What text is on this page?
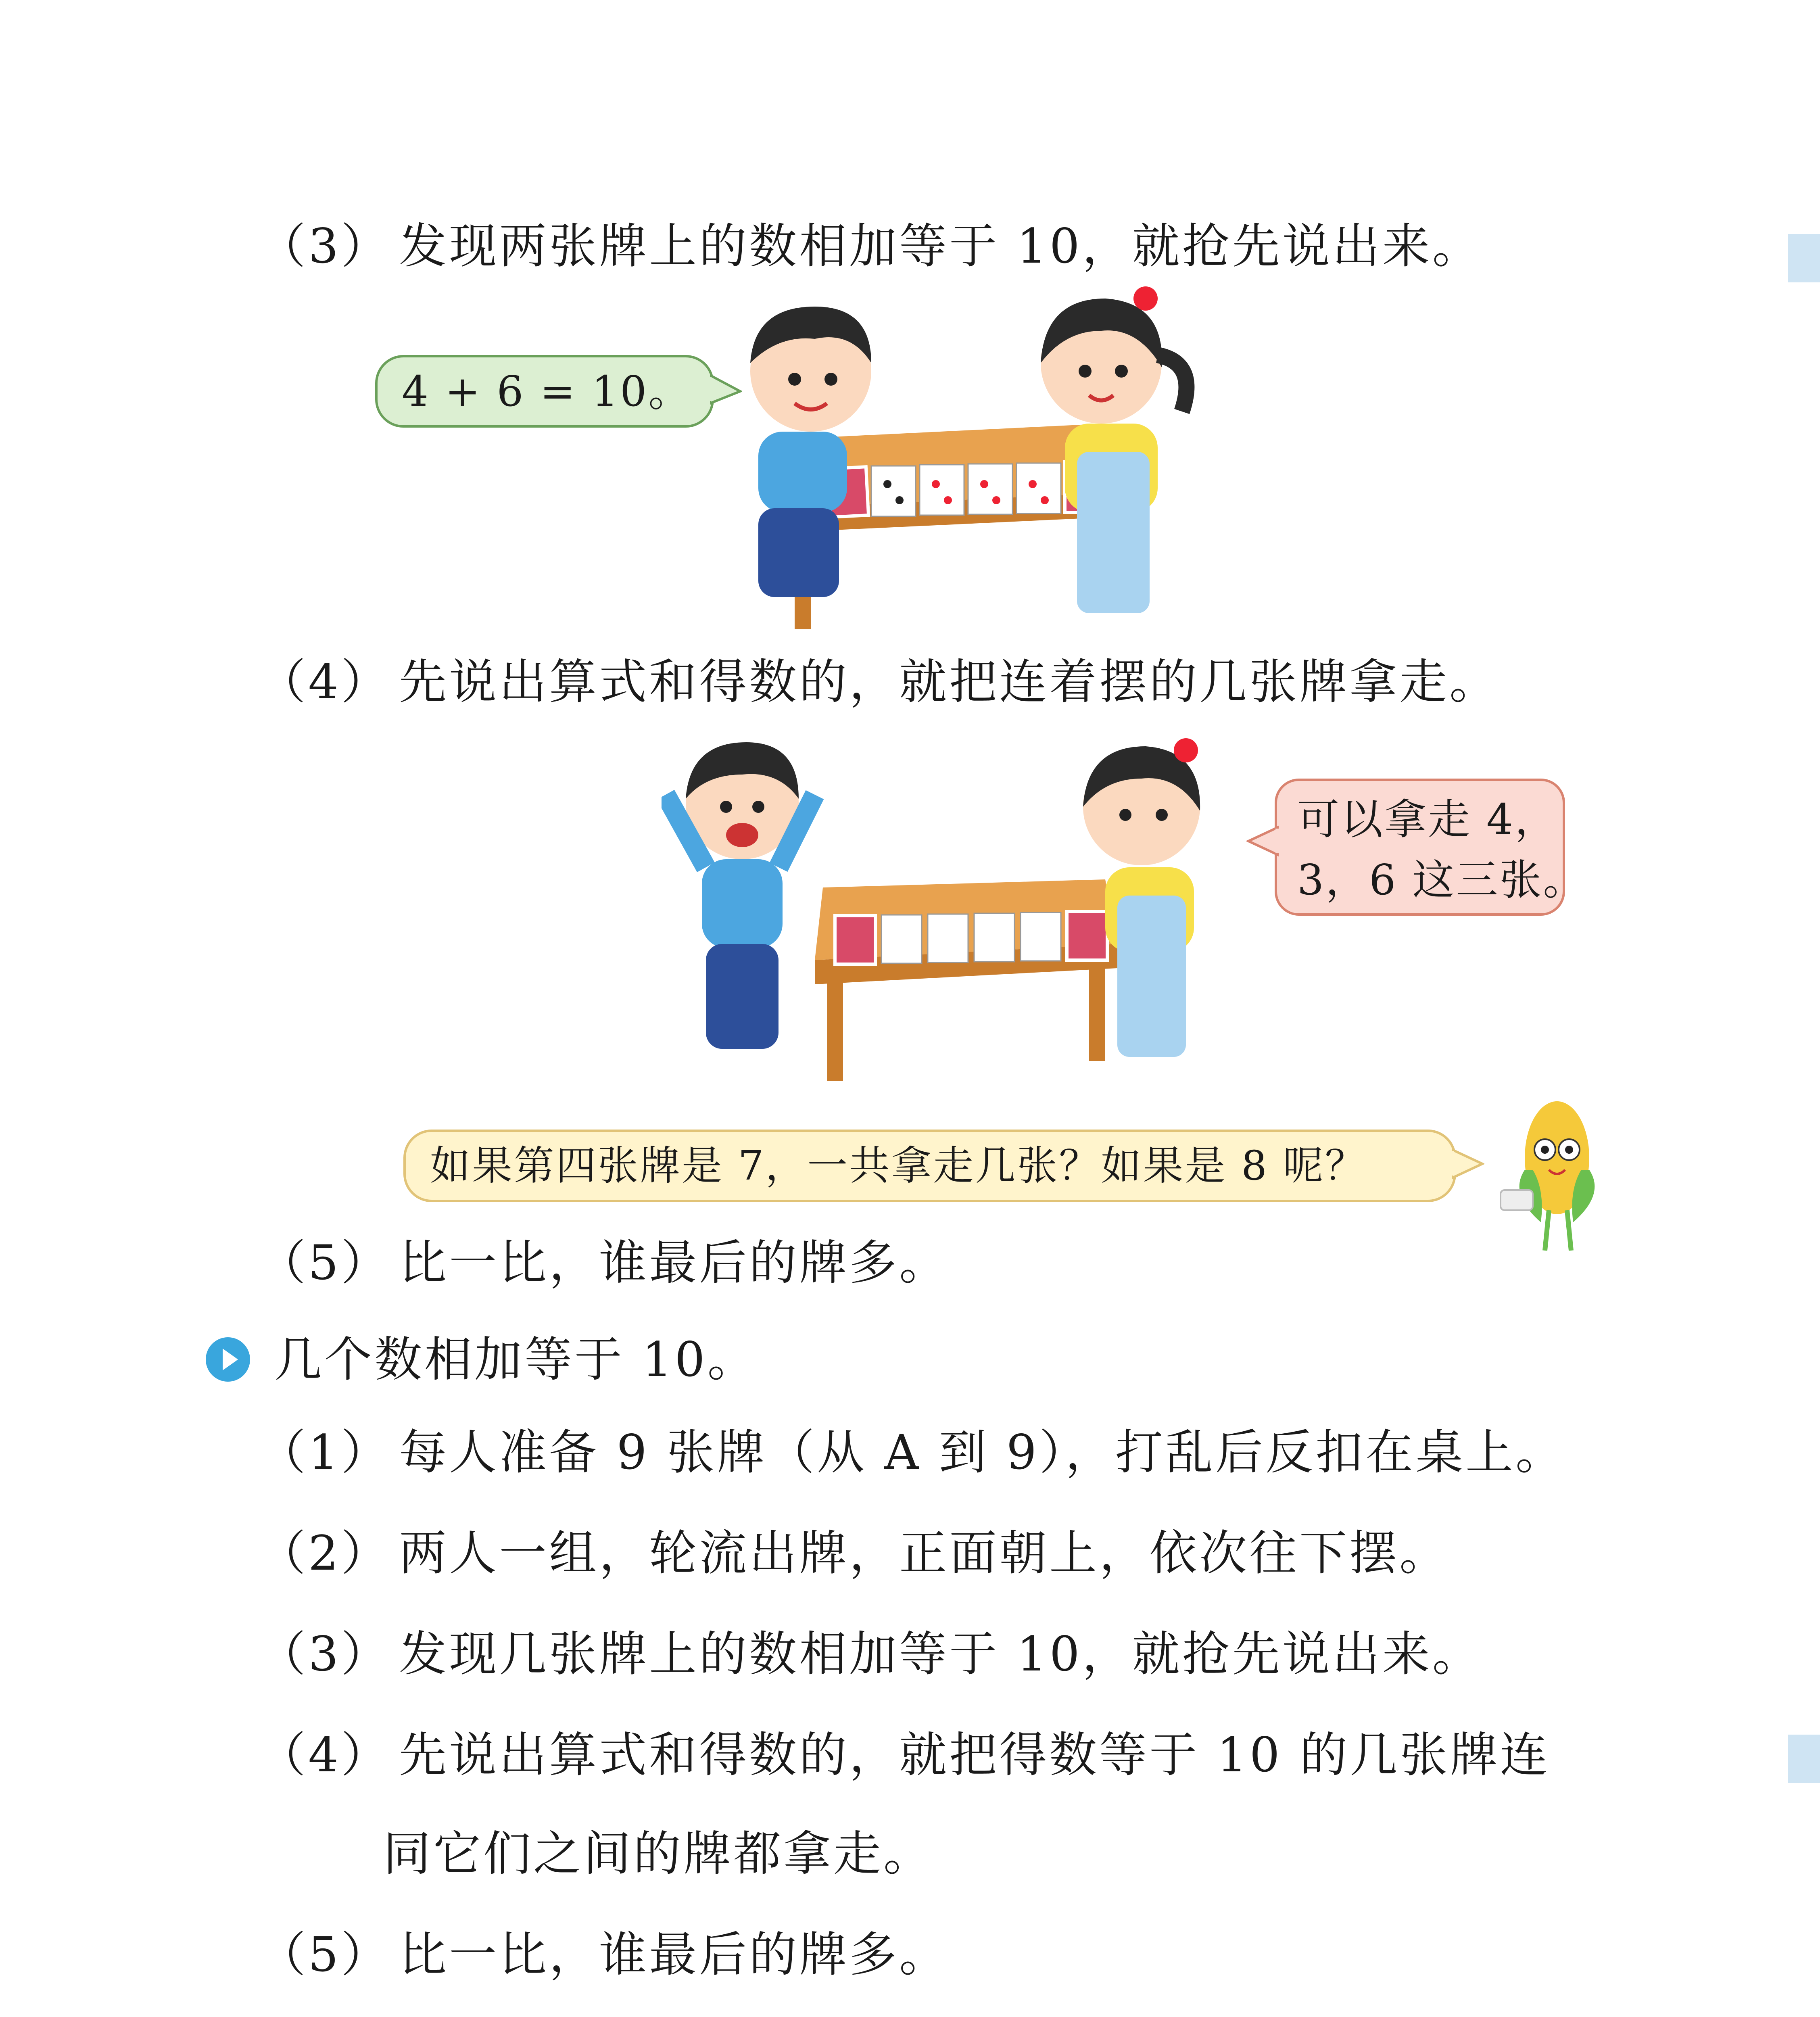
（3） 发现两张牌上的数相加等于 10，就抢先说出来。
4 + 6 = 10。
（4） 先说出算式和得数的，就把连着摆的几张牌拿走。
可以拿走 4，
3，6 这三张。
如果第四张牌是 7，一共拿走几张？如果是 8 呢？
（5） 比一比，谁最后的牌多。
几个数相加等于 10。
（1） 每人准备 9 张牌（从 A 到 9），打乱后反扣在桌上。
（2） 两人一组，轮流出牌，正面朝上，依次往下摆。
（3） 发现几张牌上的数相加等于 10，就抢先说出来。
（4） 先说出算式和得数的，就把得数等于 10 的几张牌连
同它们之间的牌都拿走。
（5） 比一比，谁最后的牌多。
